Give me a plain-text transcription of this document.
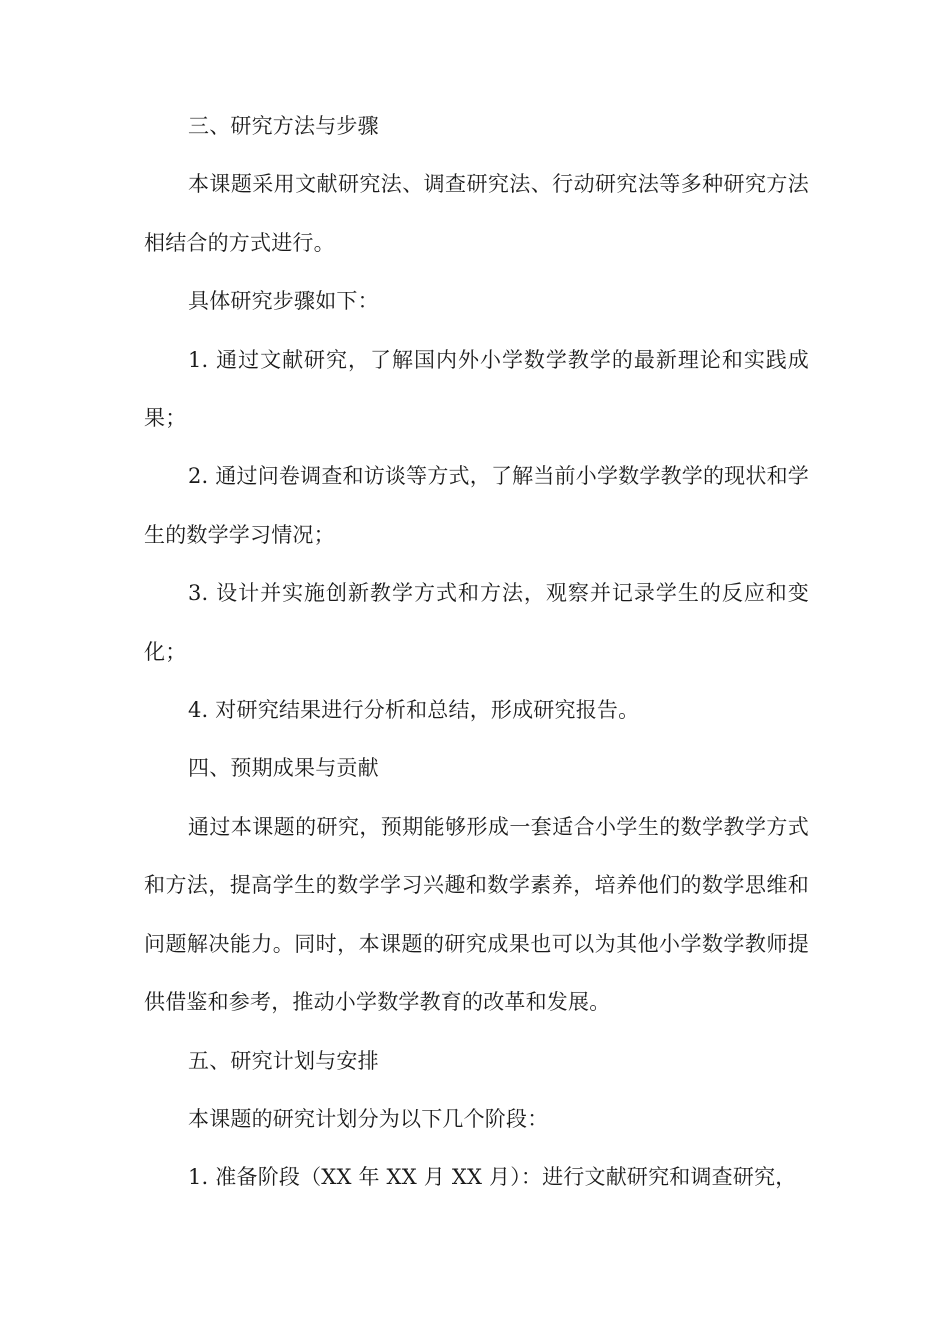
三、研究方法与步骤

本课题采用文献研究法、调查研究法、行动研究法等多种研究方法相结合的方式进行。

具体研究步骤如下：

1. 通过文献研究，了解国内外小学数学教学的最新理论和实践成果；

2. 通过问卷调查和访谈等方式，了解当前小学数学教学的现状和学生的数学学习情况；

3. 设计并实施创新教学方式和方法，观察并记录学生的反应和变化；

4. 对研究结果进行分析和总结，形成研究报告。

四、预期成果与贡献

通过本课题的研究，预期能够形成一套适合小学生的数学教学方式和方法，提高学生的数学学习兴趣和数学素养，培养他们的数学思维和问题解决能力。同时，本课题的研究成果也可以为其他小学数学教师提供借鉴和参考，推动小学数学教育的改革和发展。

五、研究计划与安排

本课题的研究计划分为以下几个阶段：

1. 准备阶段（XX 年 XX 月 XX 月）：进行文献研究和调查研究，
